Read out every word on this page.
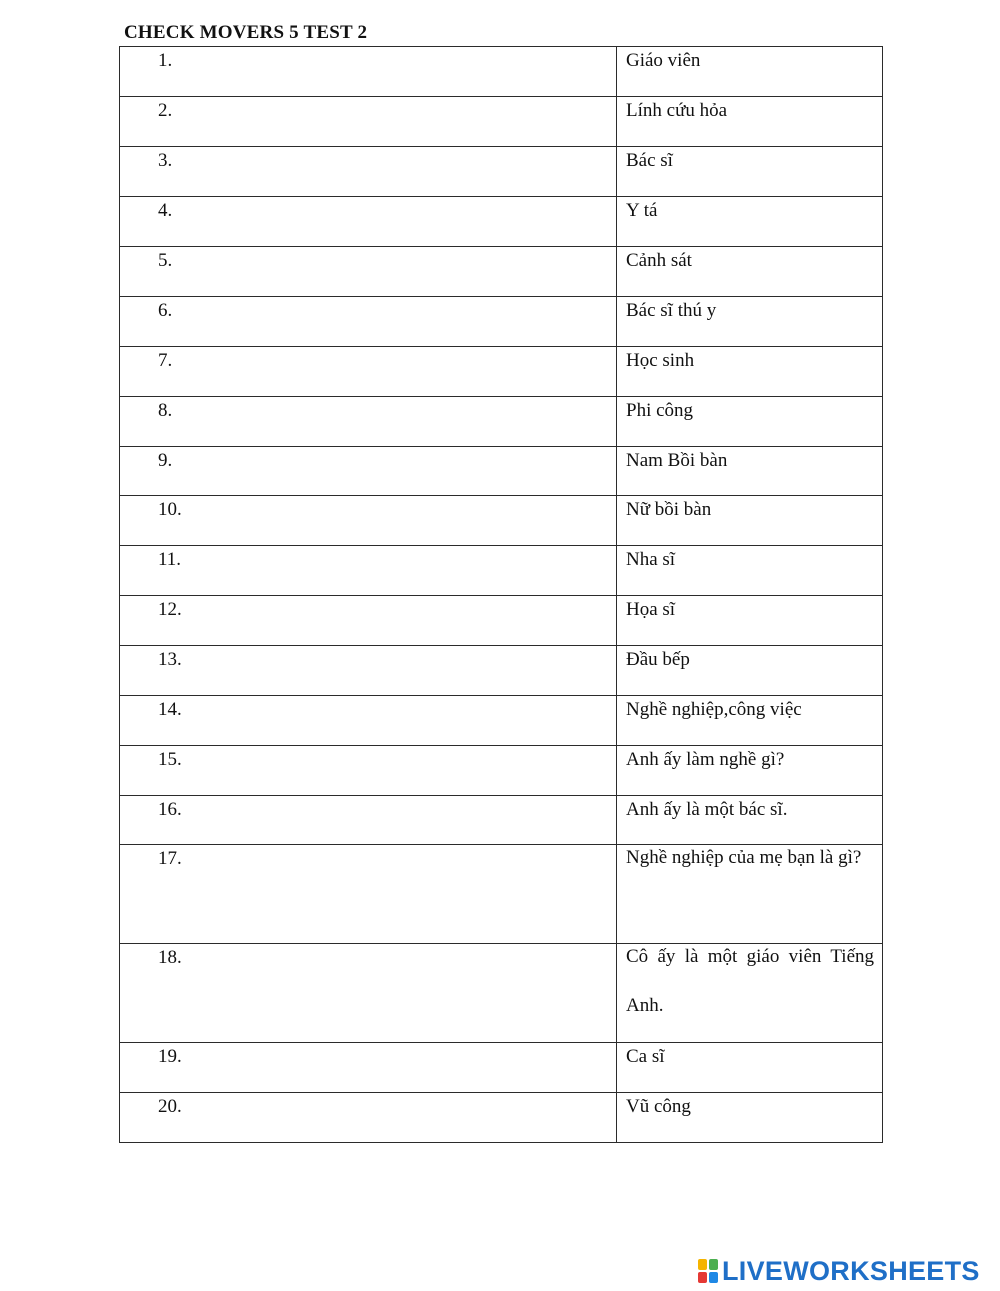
CHECK MOVERS 5 TEST 2
1.	Giáo viên
2.	Lính cứu hỏa
3.	Bác sĩ
4.	Y tá
5.	Cảnh sát
6.	Bác sĩ thú y
7.	Học sinh
8.	Phi công
9.	Nam Bồi bàn
10.	Nữ bồi bàn
11.	Nha sĩ
12.	Họa sĩ
13.	Đầu bếp
14.	Nghề nghiệp,công việc
15.	Anh ấy làm nghề gì?
16.	Anh ấy là một bác sĩ.
17.	Nghề nghiệp của mẹ bạn là gì?

18.	Cô ấy là một giáo viên Tiếng Anh.

19.	Ca sĩ
20.	Vũ công
LIVEWORKSHEETS
